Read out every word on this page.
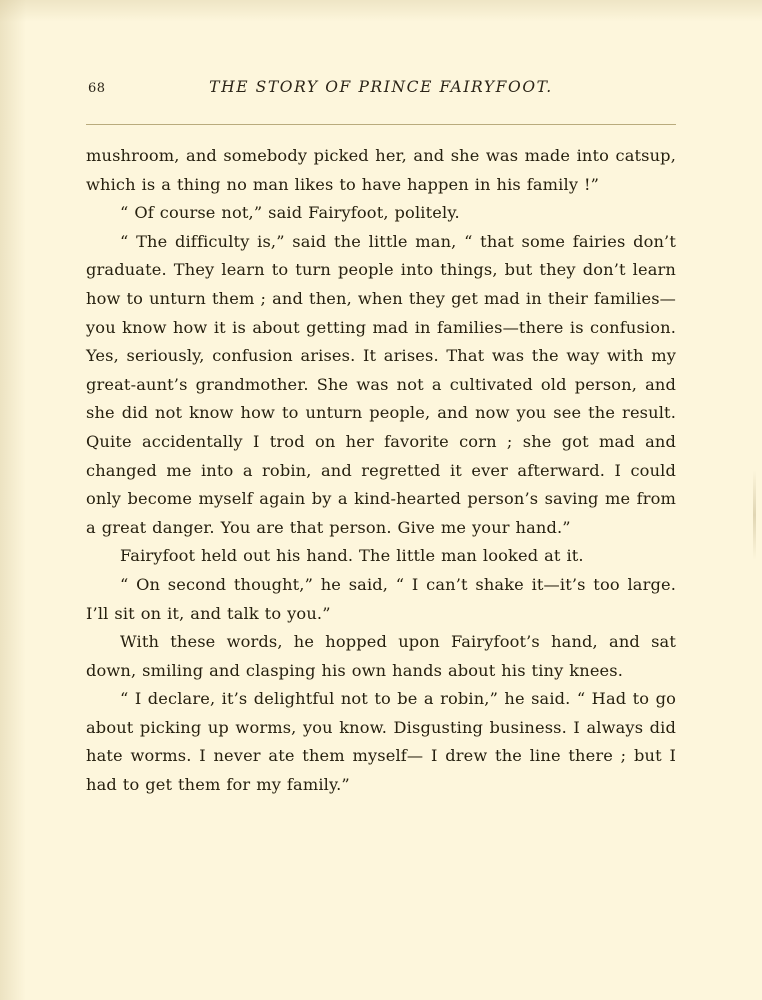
68	THE STORY OF PRINCE FAIRYFOOT.

mushroom, and somebody picked her, and she was made into catsup, which is a thing no man likes to have happen in his family !”

“ Of course not,” said Fairyfoot, politely.

“ The difficulty is,” said the little man, “ that some fairies don’t graduate. They learn to turn people into things, but they don’t learn how to unturn them ; and then, when they get mad in their families—you know how it is about getting mad in families—there is confusion. Yes, seriously, confusion arises. It arises. That was the way with my great-aunt’s grandmother. She was not a cultivated old person, and she did not know how to unturn people, and now you see the result. Quite accidentally I trod on her favorite corn ; she got mad and changed me into a robin, and regretted it ever afterward. I could only become myself again by a kind-hearted person’s saving me from a great danger. You are that person. Give me your hand.”

Fairyfoot held out his hand. The little man looked at it.

“ On second thought,” he said, “ I can’t shake it—it’s too large. I’ll sit on it, and talk to you.”

With these words, he hopped upon Fairyfoot’s hand, and sat down, smiling and clasping his own hands about his tiny knees.

“ I declare, it’s delightful not to be a robin,” he said. “ Had to go about picking up worms, you know. Disgusting business. I always did hate worms. I never ate them myself— I drew the line there ; but I had to get them for my family.”
